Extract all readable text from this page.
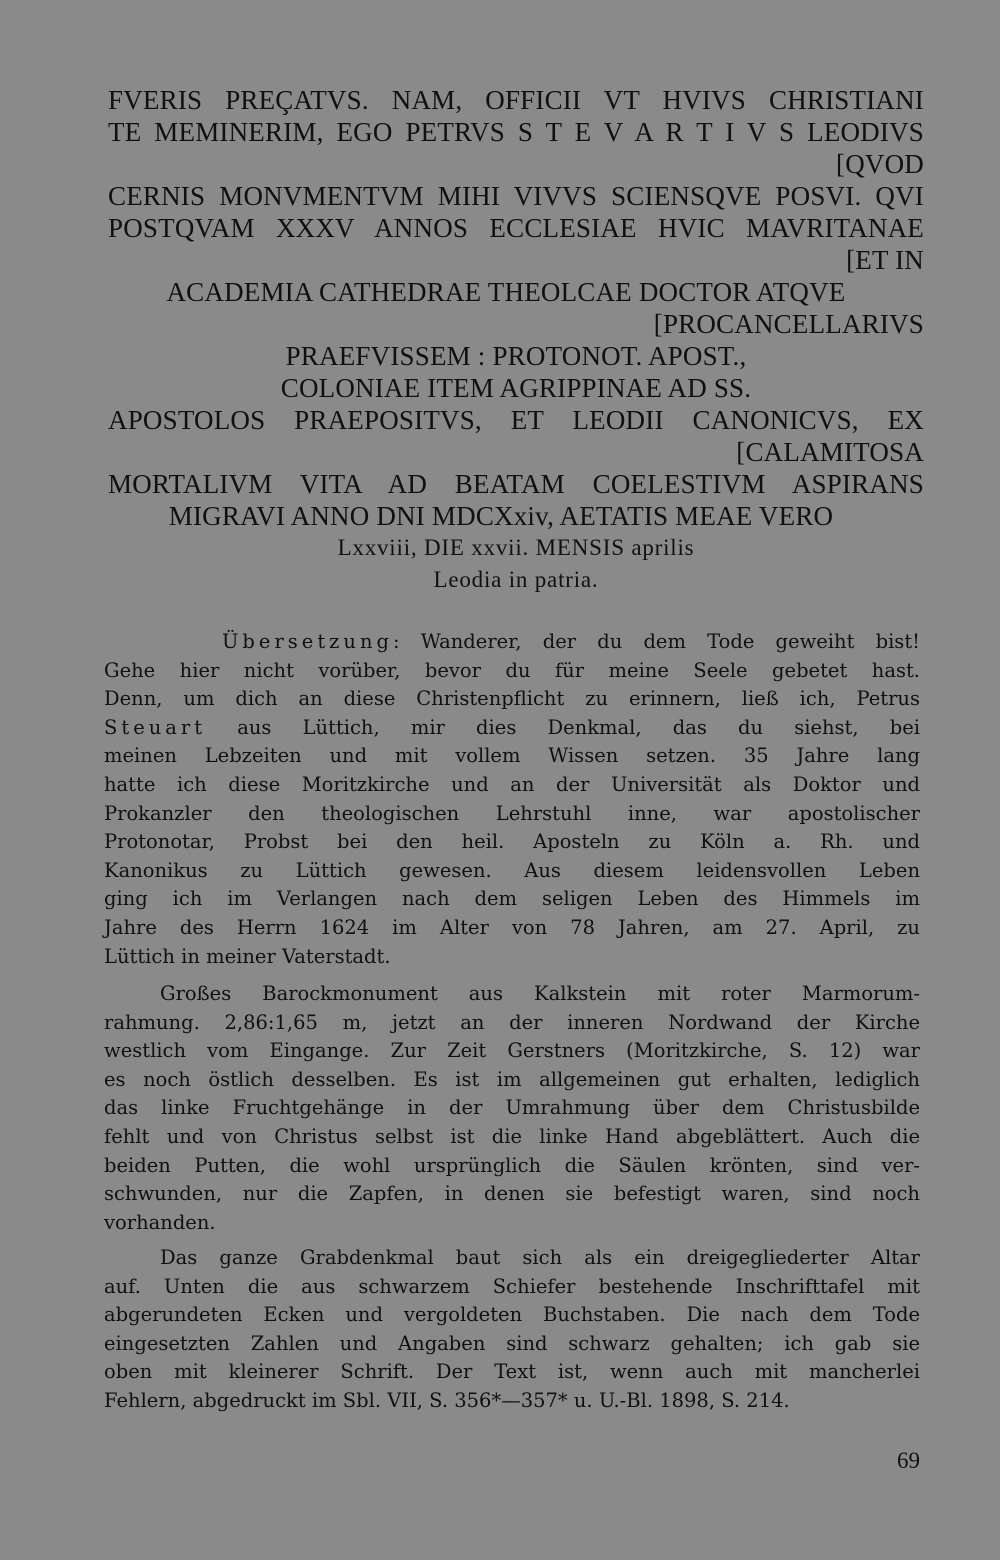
FVERIS PREÇATVS. NAM, OFFICII VT HVIVS CHRISTIANI
TE MEMINERIM, EGO PETRVS S T E V A R T I V S LEODIVS
[QVOD
CERNIS MONVMENTVM MIHI VIVVS SCIENSQVE POSVI. QVI
POSTQVAM XXXV ANNOS ECCLESIAE HVIC MAVRITANAE
[ET IN
ACADEMIA CATHEDRAE THEOLCAE DOCTOR ATQVE
[PROCANCELLARIVS
PRAEFVISSEM : PROTONOT. APOST.,
COLONIAE ITEM AGRIPPINAE AD SS.
APOSTOLOS PRAEPOSITVS, ET LEODII CANONICVS, EX
[CALAMITOSA
MORTALIVM VITA AD BEATAM COELESTIVM ASPIRANS
MIGRAVI ANNO DNI MDCXxiv, AETATIS MEAE VERO
Lxxviii, DIE xxvii. MENSIS aprilis
Leodia in patria.
Übersetzung: Wanderer, der du dem Tode geweiht bist!
Gehe hier nicht vorüber, bevor du für meine Seele gebetet hast.
Denn, um dich an diese Christenpflicht zu erinnern, ließ ich, Petrus
Steuart aus Lüttich, mir dies Denkmal, das du siehst, bei
meinen Lebzeiten und mit vollem Wissen setzen. 35 Jahre lang
hatte ich diese Moritzkirche und an der Universität als Doktor und
Prokanzler den theologischen Lehrstuhl inne, war apostolischer
Protonotar, Probst bei den heil. Aposteln zu Köln a. Rh. und
Kanonikus zu Lüttich gewesen. Aus diesem leidensvollen Leben
ging ich im Verlangen nach dem seligen Leben des Himmels im
Jahre des Herrn 1624 im Alter von 78 Jahren, am 27. April, zu
Lüttich in meiner Vaterstadt.
Großes Barockmonument aus Kalkstein mit roter Marmorum-
rahmung. 2,86:1,65 m, jetzt an der inneren Nordwand der Kirche
westlich vom Eingange. Zur Zeit Gerstners (Moritzkirche, S. 12) war
es noch östlich desselben. Es ist im allgemeinen gut erhalten, lediglich
das linke Fruchtgehänge in der Umrahmung über dem Christusbilde
fehlt und von Christus selbst ist die linke Hand abgeblättert. Auch die
beiden Putten, die wohl ursprünglich die Säulen krönten, sind ver-
schwunden, nur die Zapfen, in denen sie befestigt waren, sind noch
vorhanden.
Das ganze Grabdenkmal baut sich als ein dreigegliederter Altar
auf. Unten die aus schwarzem Schiefer bestehende Inschrifttafel mit
abgerundeten Ecken und vergoldeten Buchstaben. Die nach dem Tode
eingesetzten Zahlen und Angaben sind schwarz gehalten; ich gab sie
oben mit kleinerer Schrift. Der Text ist, wenn auch mit mancherlei
Fehlern, abgedruckt im Sbl. VII, S. 356*—357* u. U.-Bl. 1898, S. 214.
69
